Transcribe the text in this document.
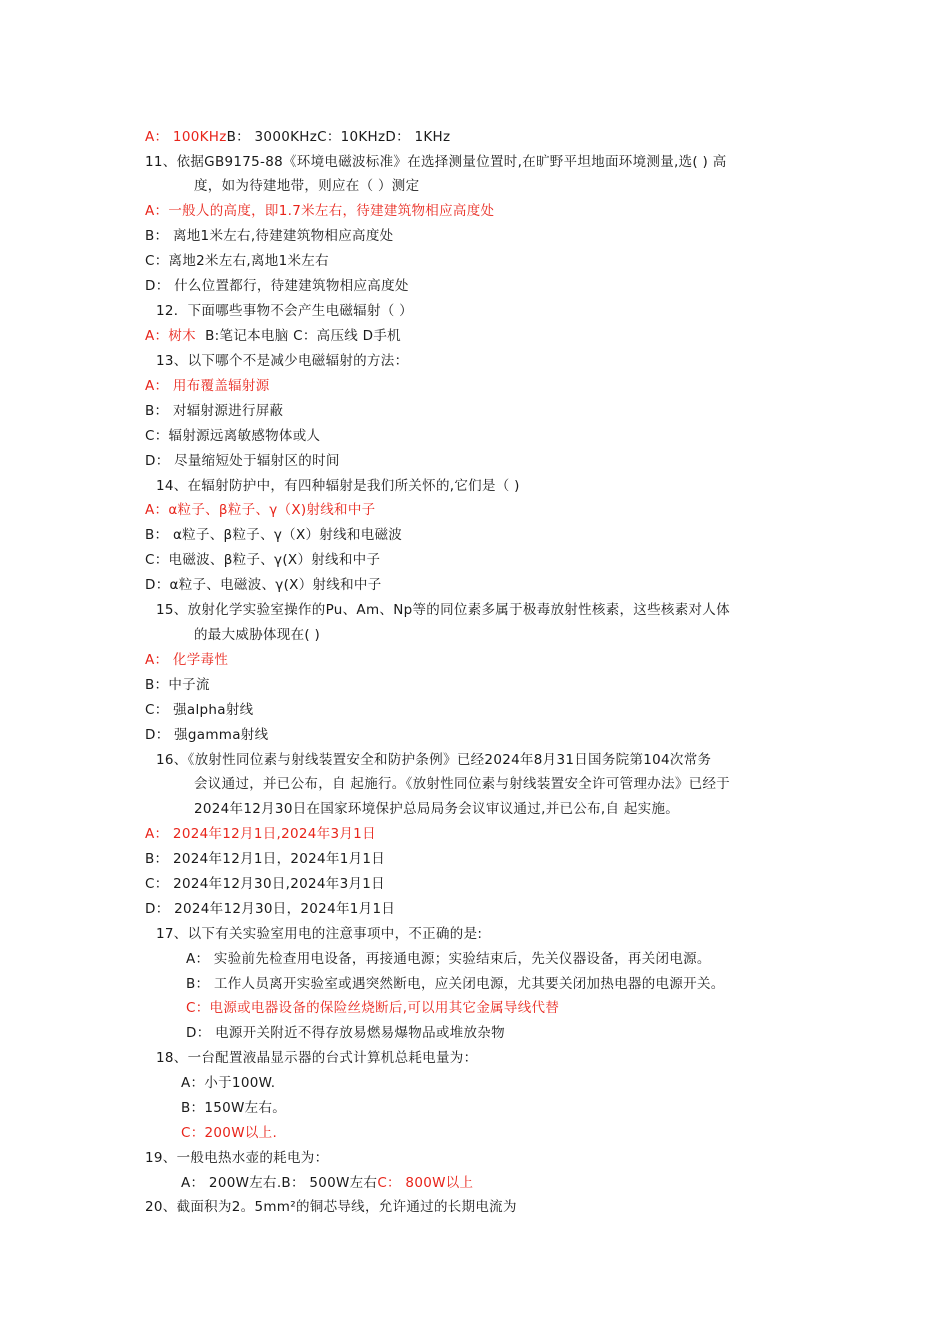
A： 100KHzB： 3000KHzC：10KHzD： 1KHz
11、依据GB9175-88《环境电磁波标准》在选择测量位置时,在旷野平坦地面环境测量,选( ) 高
度，如为待建地带，则应在（ ）测定
A：一般人的高度，即1.7米左右，待建建筑物相应高度处
B： 离地1米左右,待建建筑物相应高度处
C：离地2米左右,离地1米左右
D： 什么位置都行，待建建筑物相应高度处
12．下面哪些事物不会产生电磁辐射（ ）
A：树木 B:笔记本电脑 C：高压线 D手机
13、以下哪个不是减少电磁辐射的方法：
A： 用布覆盖辐射源
B： 对辐射源进行屏蔽
C：辐射源远离敏感物体或人
D： 尽量缩短处于辐射区的时间
14、在辐射防护中，有四种辐射是我们所关怀的,它们是（ )
A：α粒子、β粒子、γ（X)射线和中子
B： α粒子、β粒子、γ（X）射线和电磁波
C：电磁波、β粒子、γ(X）射线和中子
D：α粒子、电磁波、γ(X）射线和中子
15、放射化学实验室操作的Pu、Am、Np等的同位素多属于极毒放射性核素，这些核素对人体
的最大威胁体现在( )
A： 化学毒性
B：中子流
C： 强alpha射线
D： 强gamma射线
16、《放射性同位素与射线装置安全和防护条例》已经2024年8月31日国务院第104次常务
会议通过，并已公布，自 起施行。《放射性同位素与射线装置安全许可管理办法》已经于
2024年12月30日在国家环境保护总局局务会议审议通过,并已公布,自 起实施。
A： 2024年12月1日,2024年3月1日
B： 2024年12月1日，2024年1月1日
C： 2024年12月30日,2024年3月1日
D： 2024年12月30日，2024年1月1日
17、以下有关实验室用电的注意事项中，不正确的是:
A： 实验前先检查用电设备，再接通电源；实验结束后，先关仪器设备，再关闭电源。
B： 工作人员离开实验室或遇突然断电，应关闭电源，尤其要关闭加热电器的电源开关。
C：电源或电器设备的保险丝烧断后,可以用其它金属导线代替
D： 电源开关附近不得存放易燃易爆物品或堆放杂物
18、一台配置液晶显示器的台式计算机总耗电量为：
A：小于100W.
B：150W左右。
C：200W以上.
19、一般电热水壶的耗电为：
A： 200W左右.B： 500W左右C： 800W以上
20、截面积为2。5mm²的铜芯导线，允许通过的长期电流为
